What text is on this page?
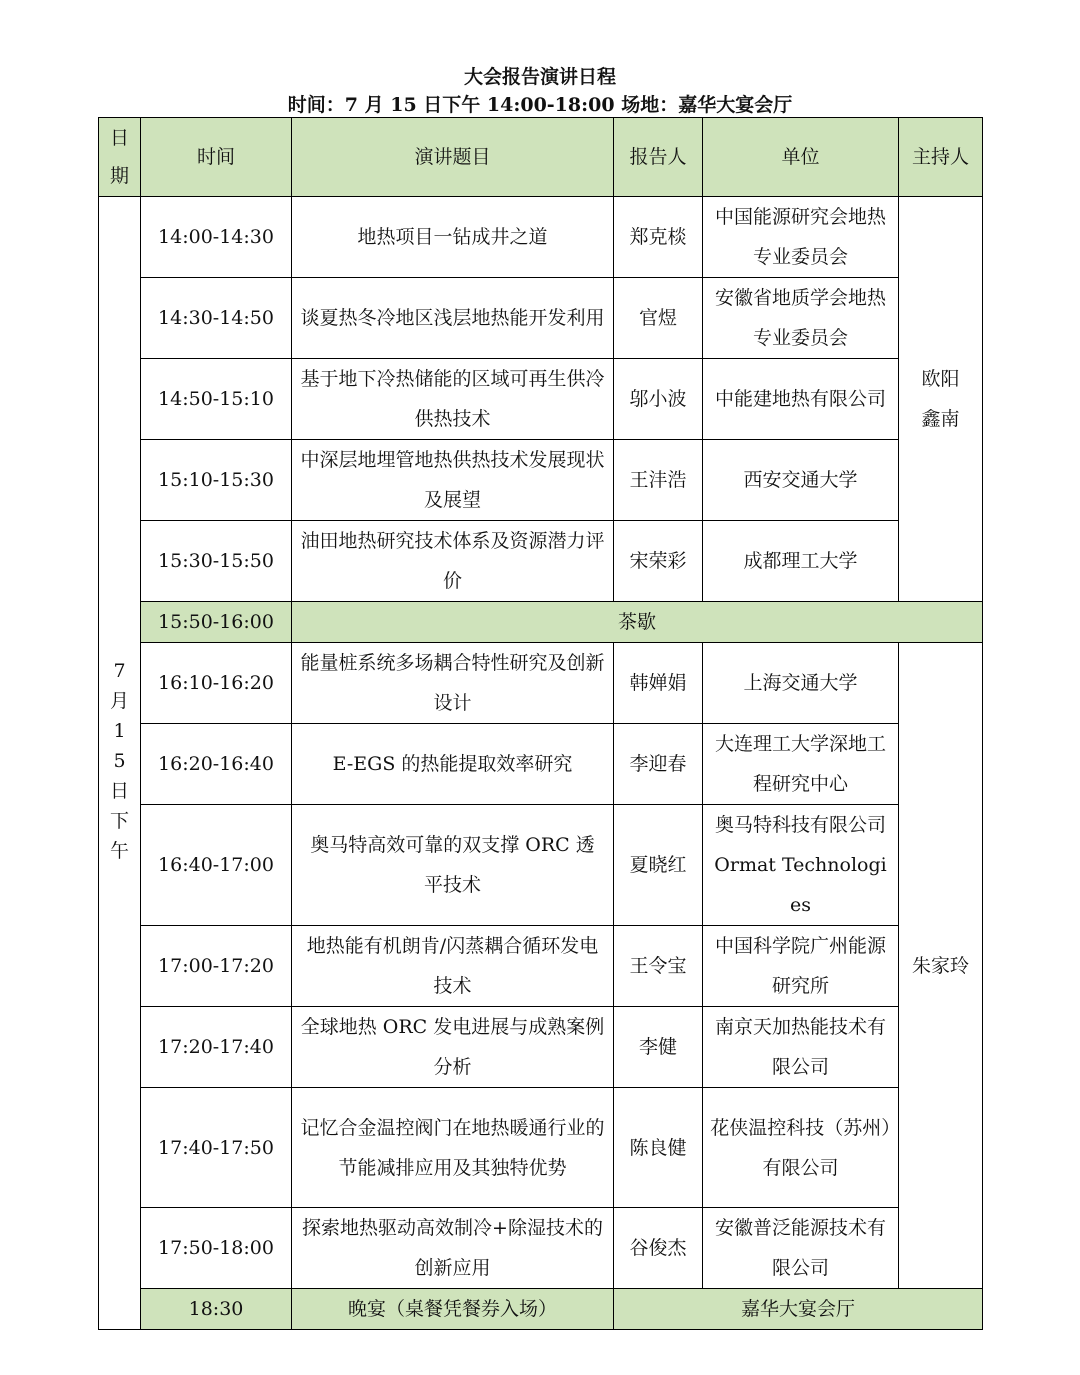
大会报告演讲日程
时间：7 月 15 日下午 14:00-18:00 场地：嘉华大宴会厅
日期	时间	演讲题目	报告人	单位	主持人
7月15日下午	14:00-14:30	地热项目一钻成井之道	郑克棪	中国能源研究会地热专业委员会	欧阳鑫南
	14:30-14:50	谈夏热冬冷地区浅层地热能开发利用	官煜	安徽省地质学会地热专业委员会	
	14:50-15:10	基于地下冷热储能的区域可再生供冷供热技术	邬小波	中能建地热有限公司	
	15:10-15:30	中深层地埋管地热供热技术发展现状及展望	王沣浩	西安交通大学	
	15:30-15:50	油田地热研究技术体系及资源潜力评价	宋荣彩	成都理工大学	
	15:50-16:00	茶歇			
	16:10-16:20	能量桩系统多场耦合特性研究及创新设计	韩婵娟	上海交通大学	朱家玲
	16:20-16:40	E-EGS 的热能提取效率研究	李迎春	大连理工大学深地工程研究中心	
	16:40-17:00	奥马特高效可靠的双支撑 ORC 透平技术	夏晓红	奥马特科技有限公司 Ormat Technologies	
	17:00-17:20	地热能有机朗肯/闪蒸耦合循环发电技术	王令宝	中国科学院广州能源研究所	
	17:20-17:40	全球地热 ORC 发电进展与成熟案例分析	李健	南京天加热能技术有限公司	
	17:40-17:50	记忆合金温控阀门在地热暖通行业的节能减排应用及其独特优势	陈良健	花侠温控科技（苏州）有限公司	
	17:50-18:00	探索地热驱动高效制冷+除湿技术的创新应用	谷俊杰	安徽普泛能源技术有限公司	
	18:30	晚宴（桌餐凭餐券入场）	嘉华大宴会厅		
